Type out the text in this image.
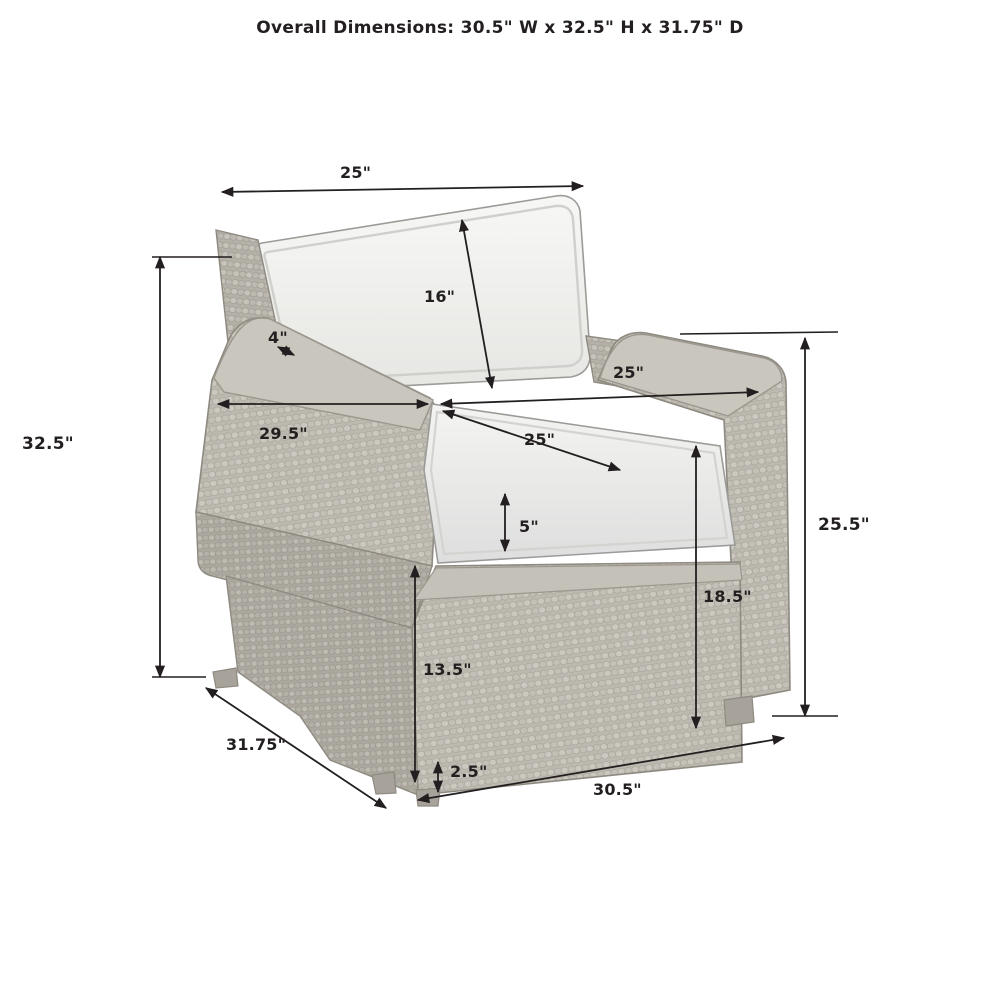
Overall Dimensions: 30.5" W x 32.5" H x 31.75" D
25"
16"
4"
25"
29.5"	25"
32.5"
5"	25.5"
18.5"
13.5"
31.75"
2.5"
30.5"
